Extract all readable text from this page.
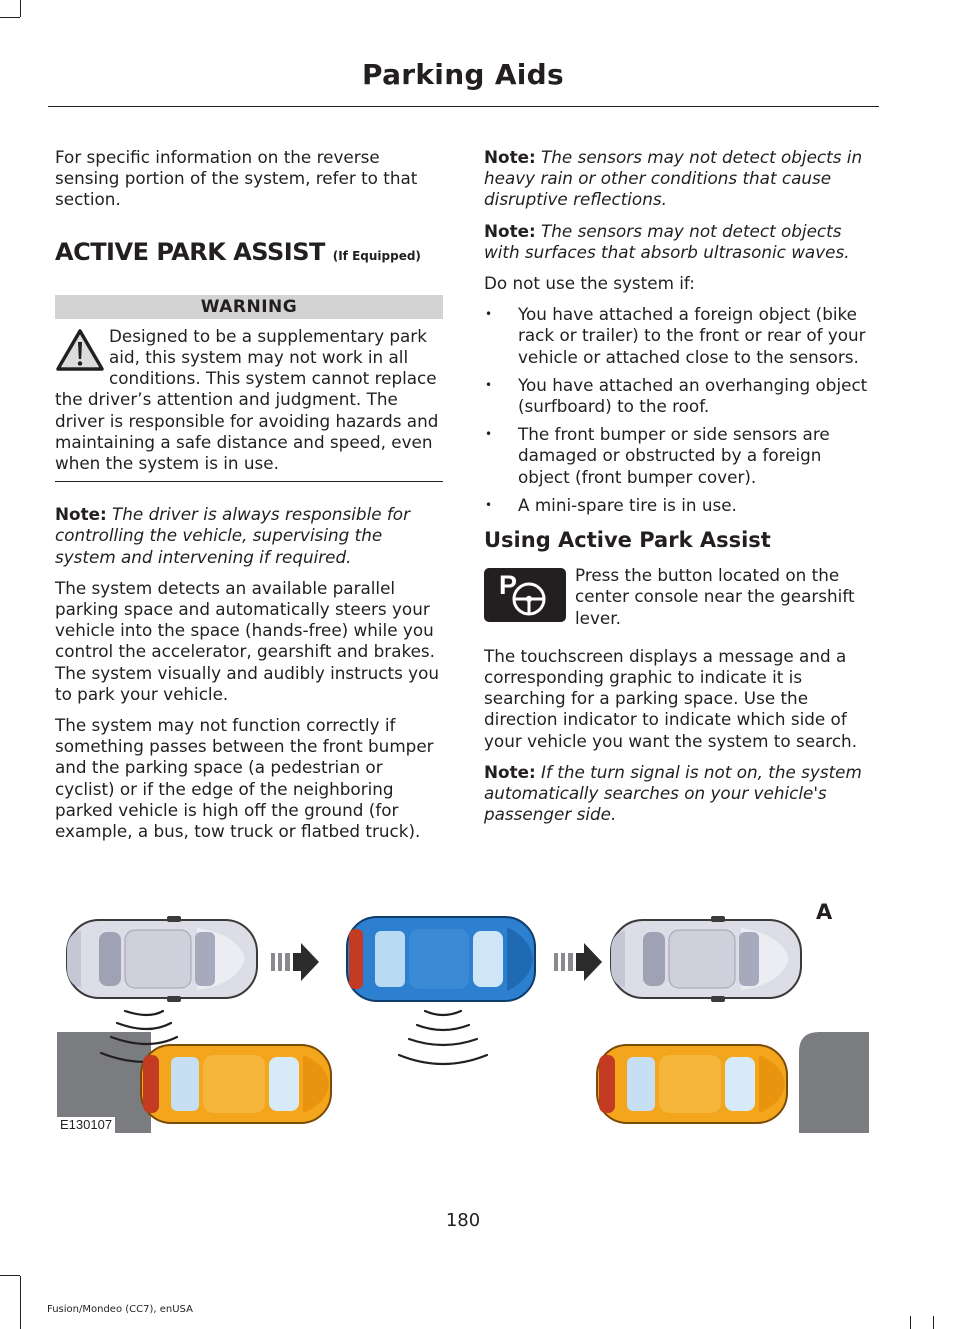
Parking Aids

For specific information on the reverse sensing portion of the system, refer to that section.

ACTIVE PARK ASSIST (If Equipped)
WARNING
Designed to be a supplementary park aid, this system may not work in all conditions. This system cannot replace the driver’s attention and judgment. The driver is responsible for avoiding hazards and maintaining a safe distance and speed, even when the system is in use.

Note: The driver is always responsible for controlling the vehicle, supervising the system and intervening if required.

The system detects an available parallel parking space and automatically steers your vehicle into the space (hands-free) while you control the accelerator, gearshift and brakes. The system visually and audibly instructs you to park your vehicle.

The system may not function correctly if something passes between the front bumper and the parking space (a pedestrian or cyclist) or if the edge of the neighboring parked vehicle is high off the ground (for example, a bus, tow truck or flatbed truck).

Note: The sensors may not detect objects in heavy rain or other conditions that cause disruptive reflections.

Note: The sensors may not detect objects with surfaces that absorb ultrasonic waves.

Do not use the system if:

• You have attached a foreign object (bike rack or trailer) to the front or rear of your vehicle or attached close to the sensors.
• You have attached an overhanging object (surfboard) to the roof.
• The front bumper or side sensors are damaged or obstructed by a foreign object (front bumper cover).
• A mini-spare tire is in use.
Using Active Park Assist
P	Press the button located on the center console near the gearshift lever.

The touchscreen displays a message and a corresponding graphic to indicate it is searching for a parking space. Use the direction indicator to indicate which side of your vehicle you want the system to search.

Note: If the turn signal is not on, the system automatically searches on your vehicle's passenger side.

A
E130107
180
Fusion/Mondeo (CC7), enUSA
